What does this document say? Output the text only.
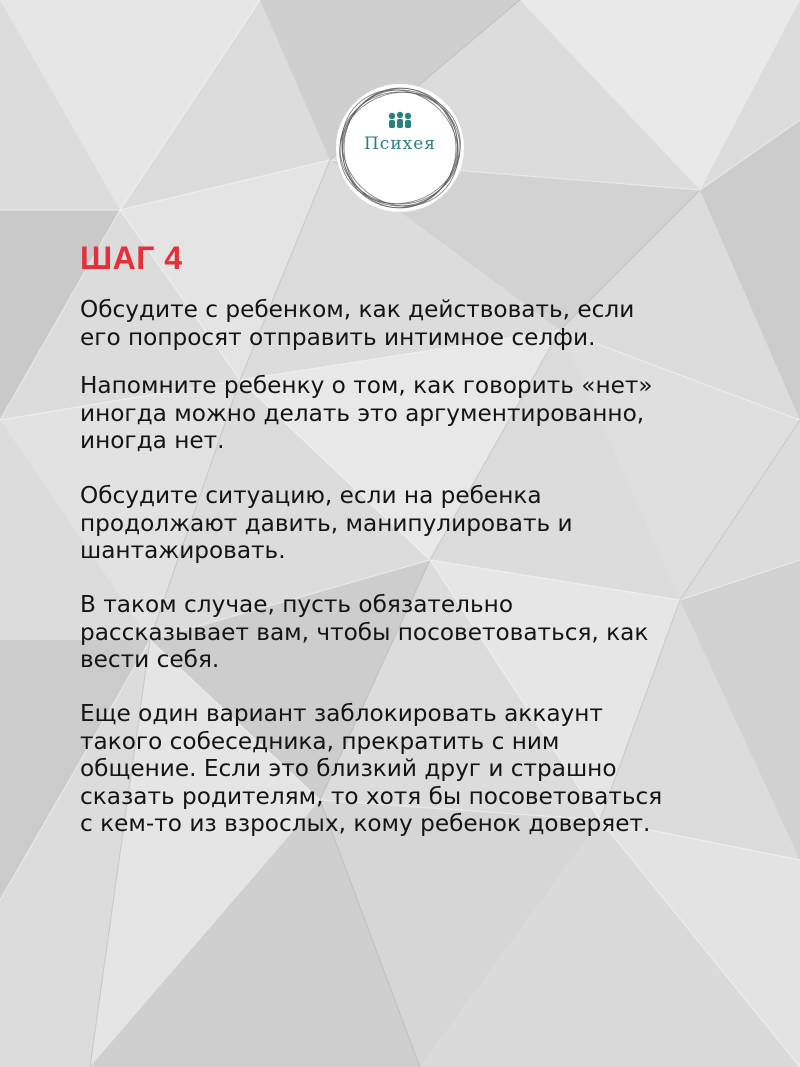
Психея
ШАГ 4

Обсудите с ребенком, как действовать, если
его попросят отправить интимное селфи.

Напомните ребенку о том, как говорить «нет»
иногда можно делать это аргументированно,
иногда нет.

Обсудите ситуацию, если на ребенка
продолжают давить, манипулировать и
шантажировать.

В таком случае, пусть обязательно
рассказывает вам, чтобы посоветоваться, как
вести себя.

Еще один вариант заблокировать аккаунт
такого собеседника, прекратить с ним
общение. Если это близкий друг и страшно
сказать родителям, то хотя бы посоветоваться
с кем-то из взрослых, кому ребенок доверяет.
